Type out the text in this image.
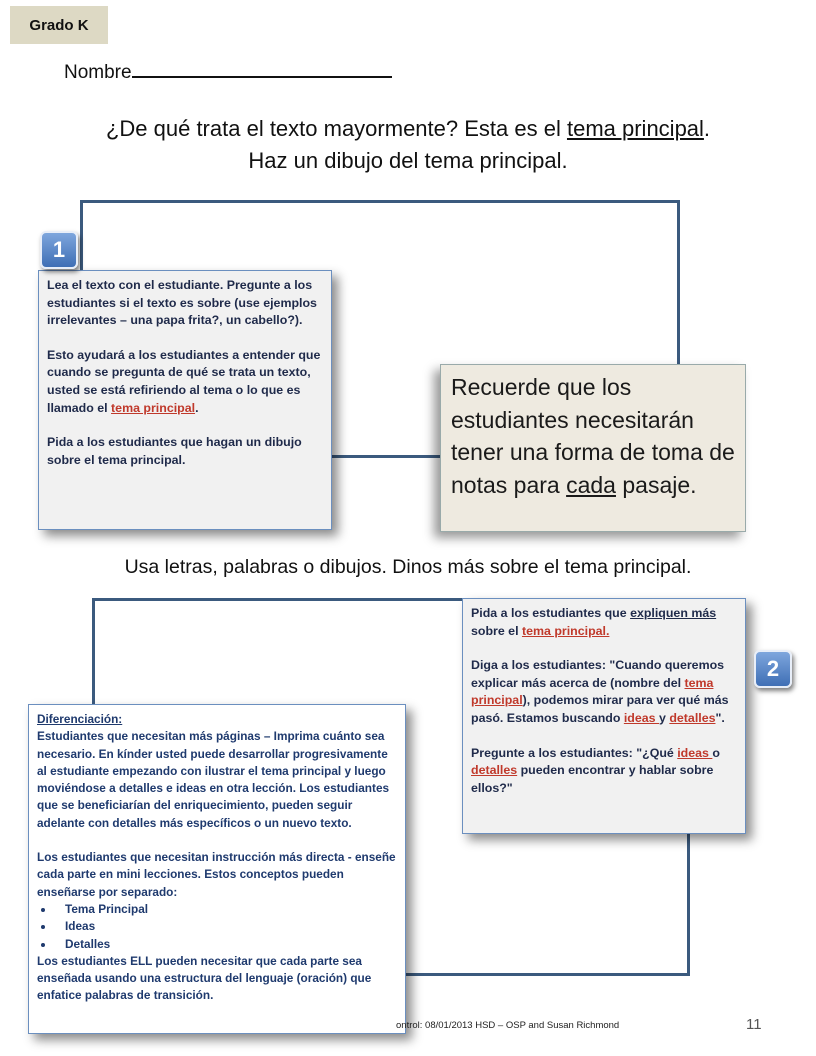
Grado K
Nombre
¿De qué trata el texto mayormente? Esta es el tema principal.
Haz un dibujo del tema principal.

Lea el texto con el estudiante. Pregunte a los estudiantes si el texto es sobre (use ejemplos irrelevantes – una papa frita?, un cabello?).

Esto ayudará a los estudiantes a entender que cuando se pregunta de qué se trata un texto, usted se está refiriendo al tema o lo que es llamado el tema principal.

Pida a los estudiantes que hagan un dibujo sobre el tema principal.

1
Recuerde que los estudiantes necesitarán tener una forma de toma de notas para cada pasaje.
Usa letras, palabras o dibujos. Dinos más sobre el tema principal.

Pida a los estudiantes que expliquen más sobre el tema principal.

Diga a los estudiantes: "Cuando queremos explicar más acerca de (nombre del tema principal), podemos mirar para ver qué más pasó. Estamos buscando ideas y detalles".

Pregunte a los estudiantes: "¿Qué ideas o detalles pueden encontrar y hablar sobre ellos?"

2

Diferenciación:

Estudiantes que necesitan más páginas – Imprima cuánto sea necesario. En kínder usted puede desarrollar progresivamente al estudiante empezando con ilustrar el tema principal y luego moviéndose a detalles e ideas en otra lección. Los estudiantes que se beneficiarían del enriquecimiento, pueden seguir adelante con detalles más específicos o un nuevo texto.

Los estudiantes que necesitan instrucción más directa - enseñe cada parte en mini lecciones. Estos conceptos pueden enseñarse por separado:

• Tema Principal
• Ideas
• Detalles

Los estudiantes ELL pueden necesitar que cada parte sea enseñada usando una estructura del lenguaje (oración) que enfatice palabras de transición.

ontrol: 08/01/2013 HSD – OSP and Susan Richmond	11
